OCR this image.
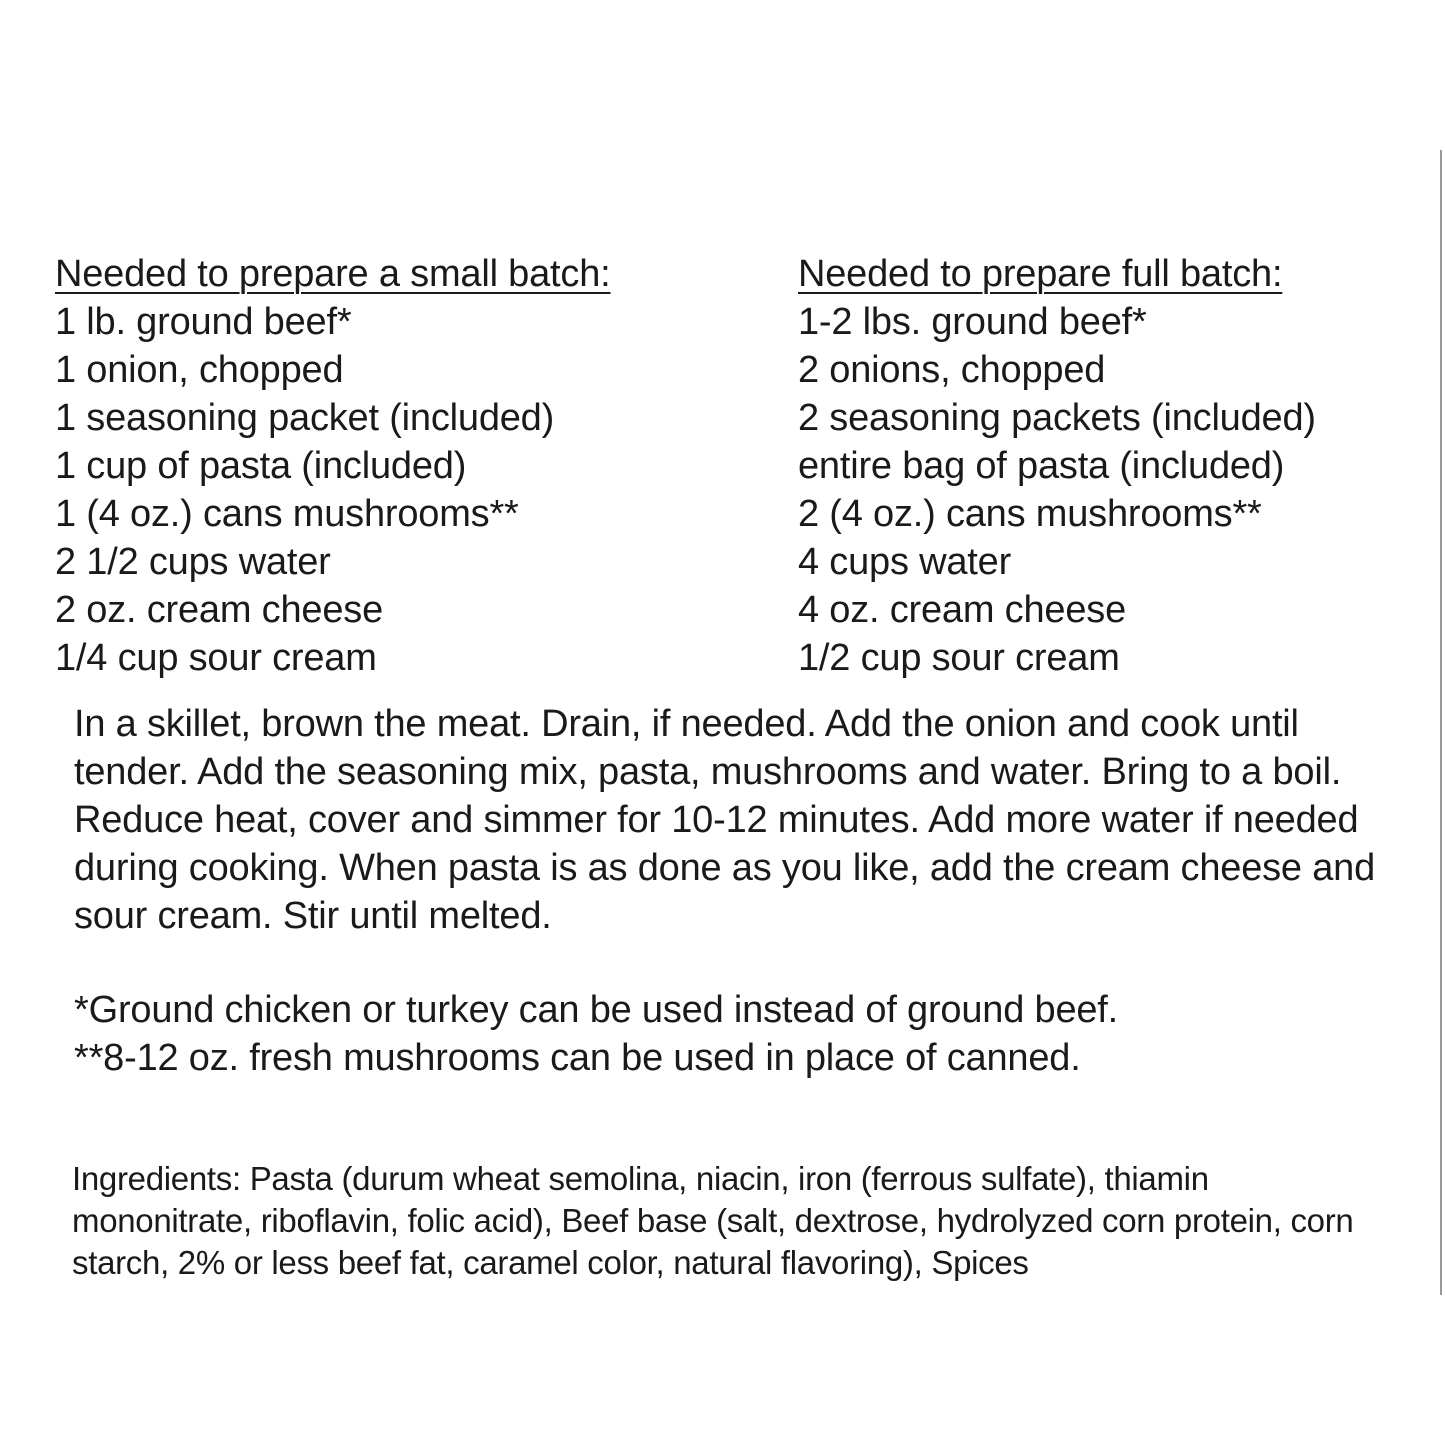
Needed to prepare a small batch:
1 lb. ground beef*
1 onion, chopped
1 seasoning packet (included)
1 cup of pasta (included)
1 (4 oz.) cans mushrooms**
2 1/2 cups water
2 oz. cream cheese
1/4 cup sour cream
Needed to prepare full batch:
1-2 lbs. ground beef*
2 onions, chopped
2 seasoning packets (included)
entire bag of pasta (included)
2 (4 oz.) cans mushrooms**
4 cups water
4 oz. cream cheese
1/2 cup sour cream

In a skillet, brown the meat. Drain, if needed. Add the onion and cook until tender. Add the seasoning mix, pasta, mushrooms and water. Bring to a boil. Reduce heat, cover and simmer for 10-12 minutes. Add more water if needed during cooking. When pasta is as done as you like, add the cream cheese and sour cream. Stir until melted.

*Ground chicken or turkey can be used instead of ground beef.
**8-12 oz. fresh mushrooms can be used in place of canned.

Ingredients: Pasta (durum wheat semolina, niacin, iron (ferrous sulfate), thiamin mononitrate, riboflavin, folic acid), Beef base (salt, dextrose, hydrolyzed corn protein, corn starch, 2% or less beef fat, caramel color, natural flavoring), Spices
